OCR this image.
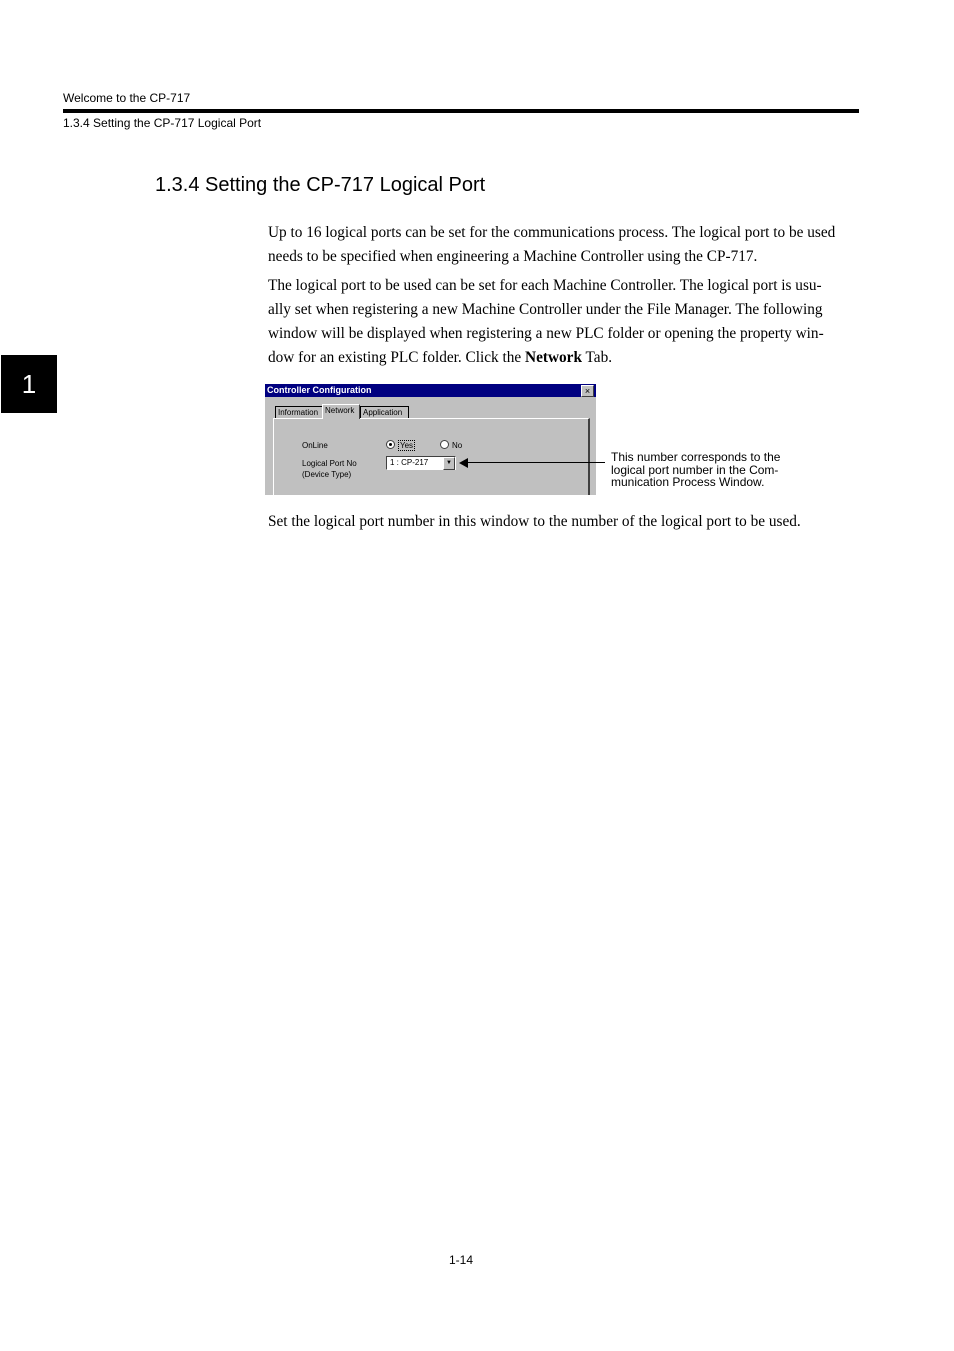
Welcome to the CP-717
1.3.4 Setting the CP-717 Logical Port
1
1.3.4 Setting the CP-717 Logical Port

Up to 16 logical ports can be set for the communications process. The logical port to be used
needs to be specified when engineering a Machine Controller using the CP-717.

The logical port to be used can be set for each Machine Controller. The logical port is usu-
ally set when registering a new Machine Controller under the File Manager. The following
window will be displayed when registering a new PLC folder or opening the property win-
dow for an existing PLC folder. Click the Network Tab.

Controller Configuration	×
Information Network	Application
OnLine	Yes	No
Logical Port No
(Device Type)
1 : CP-217	▼	This number corresponds to the
logical port number in the Com-
munication Process Window.

Set the logical port number in this window to the number of the logical port to be used.

1-14
